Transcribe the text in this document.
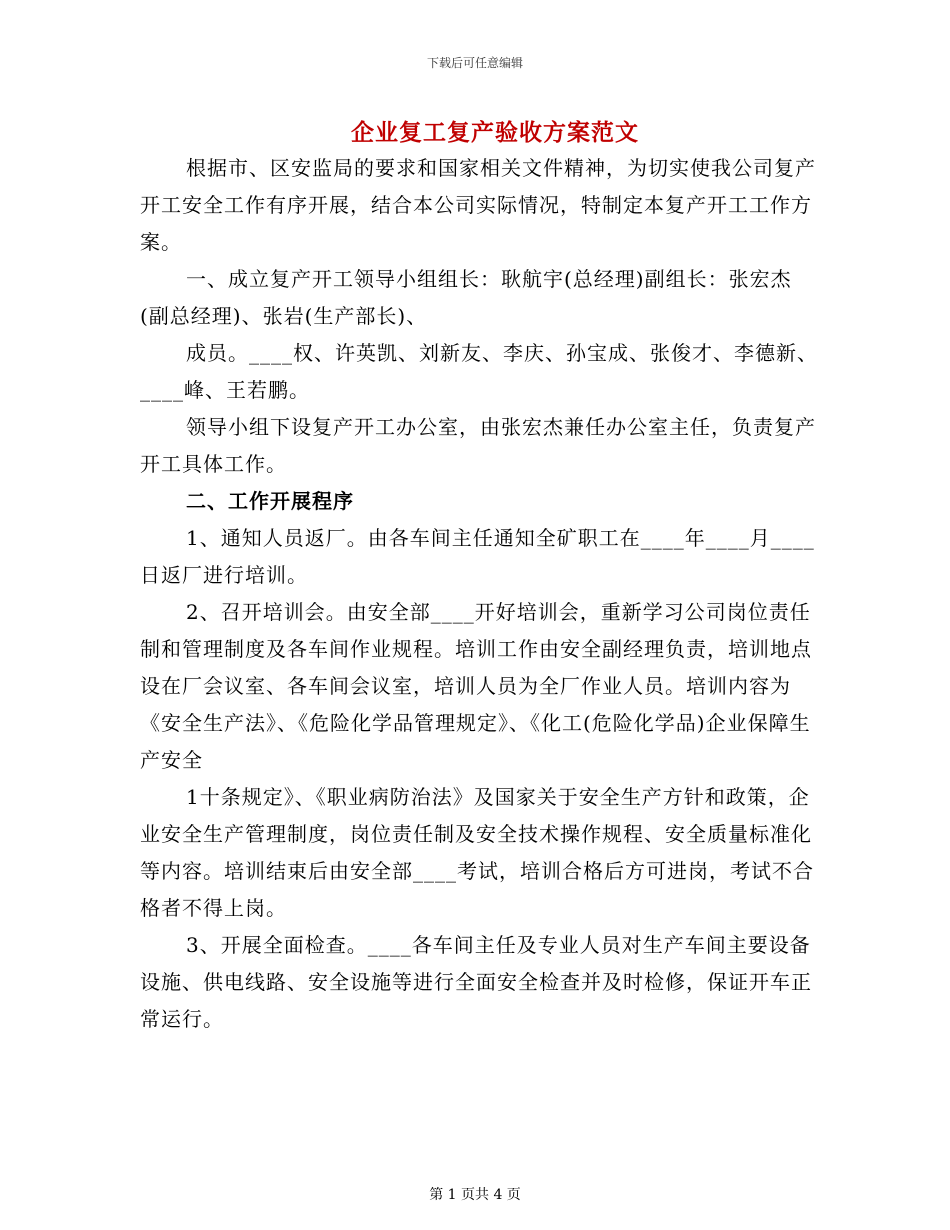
下载后可任意编辑
企业复工复产验收方案范文

根据市、区安监局的要求和国家相关文件精神，为切实使我公司复产开工安全工作有序开展，结合本公司实际情况，特制定本复产开工工作方案。

一、成立复产开工领导小组组长：耿航宇(总经理)副组长：张宏杰(副总经理)、张岩(生产部长)、

成员。____权、许英凯、刘新友、李庆、孙宝成、张俊才、李德新、____峰、王若鹏。

领导小组下设复产开工办公室，由张宏杰兼任办公室主任，负责复产开工具体工作。

二、工作开展程序

1、通知人员返厂。由各车间主任通知全矿职工在____年____月____日返厂进行培训。

2、召开培训会。由安全部____开好培训会，重新学习公司岗位责任制和管理制度及各车间作业规程。培训工作由安全副经理负责，培训地点设在厂会议室、各车间会议室，培训人员为全厂作业人员。培训内容为《安全生产法》、《危险化学品管理规定》、《化工(危险化学品)企业保障生产安全

1十条规定》、《职业病防治法》及国家关于安全生产方针和政策，企业安全生产管理制度，岗位责任制及安全技术操作规程、安全质量标准化等内容。培训结束后由安全部____考试，培训合格后方可进岗，考试不合格者不得上岗。

3、开展全面检查。____各车间主任及专业人员对生产车间主要设备设施、供电线路、安全设施等进行全面安全检查并及时检修，保证开车正常运行。

第 1 页共 4 页
